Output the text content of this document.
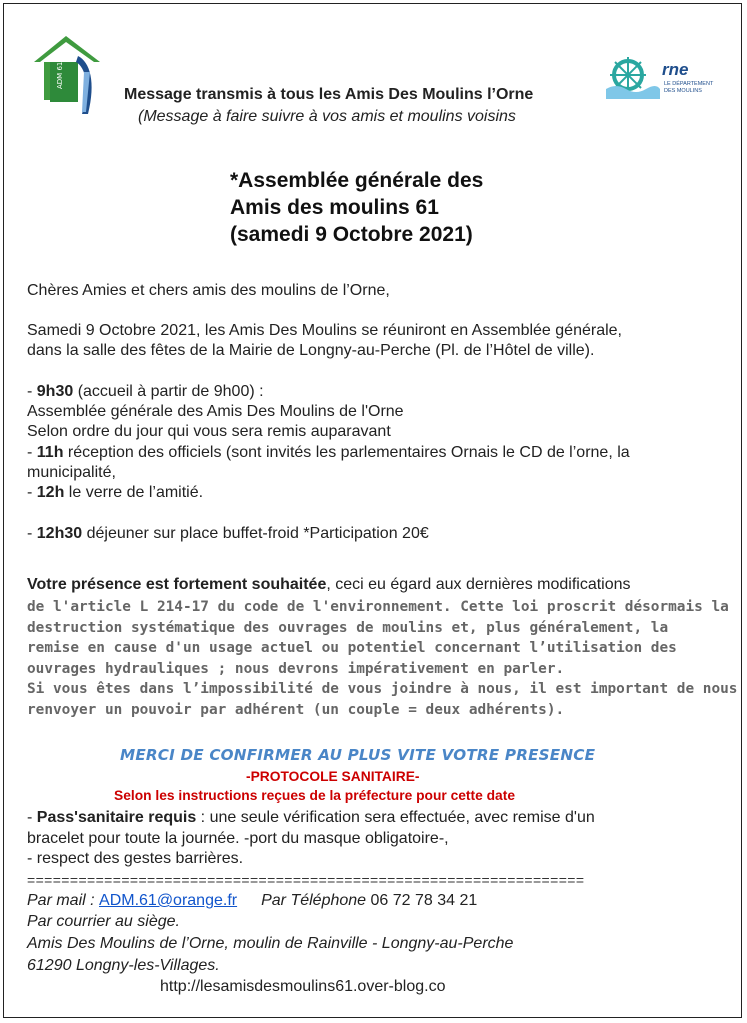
ADM 61	rne
LE DÉPARTEMENT
DES MOULINS
Message transmis à tous les Amis Des Moulins l’Orne
(Message à faire suivre à vos amis et moulins voisins
*Assemblée générale des
Amis des moulins 61
(samedi 9 Octobre 2021)
Chères Amies et chers amis des moulins de l’Orne,
Samedi 9 Octobre 2021, les Amis Des Moulins se réuniront en Assemblée générale,
dans la salle des fêtes de la Mairie de Longny-au-Perche (Pl. de l’Hôtel de ville).
- 9h30 (accueil à partir de 9h00) :
Assemblée générale des Amis Des Moulins de l'Orne
Selon ordre du jour qui vous sera remis auparavant
- 11h réception des officiels (sont invités les parlementaires Ornais le CD de l’orne, la
municipalité,
- 12h le verre de l’amitié.
- 12h30 déjeuner sur place buffet-froid *Participation 20€
Votre présence est fortement souhaitée, ceci eu égard aux dernières modifications
de l'article L 214-17 du code de l'environnement. Cette loi proscrit désormais la
destruction systématique des ouvrages de moulins et, plus généralement, la
remise en cause d'un usage actuel ou potentiel concernant l’utilisation des
ouvrages hydrauliques ; nous devrons impérativement en parler.
Si vous êtes dans l’impossibilité de vous joindre à nous, il est important de nous
renvoyer un pouvoir par adhérent (un couple = deux adhérents).
MERCI DE CONFIRMER AU PLUS VITE VOTRE PRESENCE
-PROTOCOLE SANITAIRE-
Selon les instructions reçues de la préfecture pour cette date
- Pass'sanitaire requis : une seule vérification sera effectuée, avec remise d'un
bracelet pour toute la journée. -port du masque obligatoire-,
- respect des gestes barrières.
=================================================================
Par mail : ADM.61@orange.fr Par Téléphone 06 72 78 34 21
Par courrier au siège.
Amis Des Moulins de l’Orne, moulin de Rainville - Longny-au-Perche
61290 Longny-les-Villages.
http://lesamisdesmoulins61.over-blog.co
